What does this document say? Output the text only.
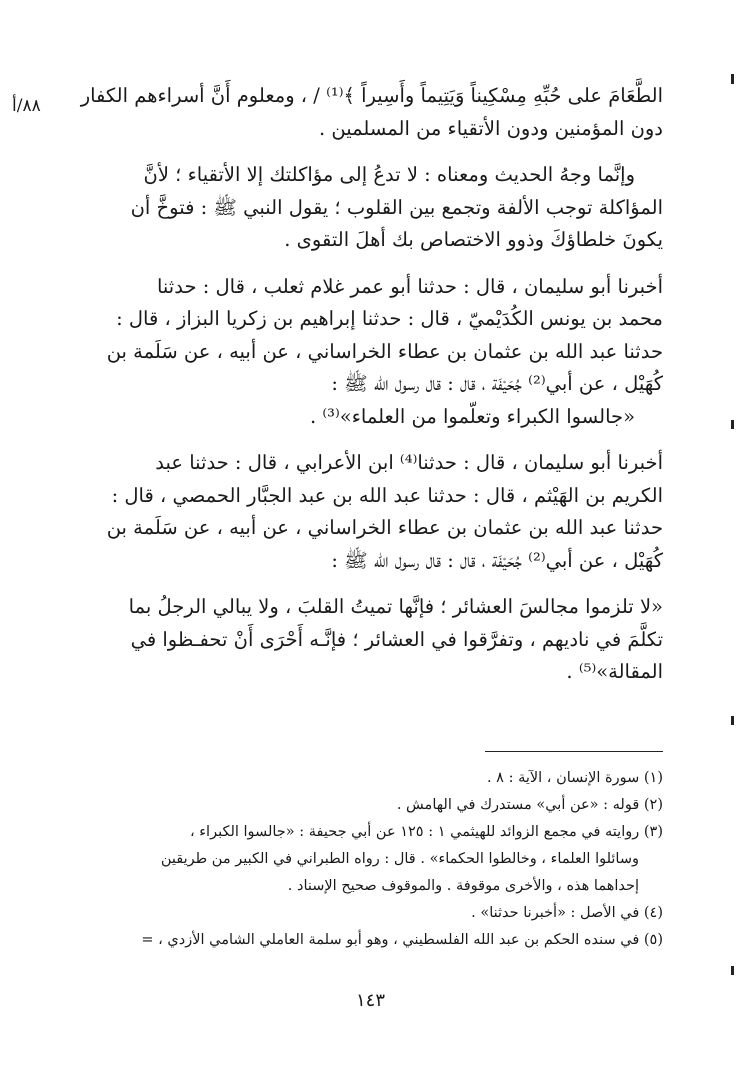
٨٨/أ الطَّعَامَ على حُبِّهِ مِسْكِيناً وَيَتِيماً وأَسِيراً ﴾⁽¹⁾ / ، ومعلوم أَنَّ أسراءهم الكفار
دون المؤمنين ودون الأتقياء من المسلمين .

وإنَّما وجهُ الحديث ومعناه : لا تدعُ إلى مؤاكلتك إلا الأتقياء ؛ لأنَّ
المؤاكلة توجب الألفة وتجمع بين القلوب ؛ يقول النبي ﷺ : فتوخَّ أن
يكونَ خلطاؤكَ وذوو الاختصاص بك أهلَ التقوى .

أخبرنا أبو سليمان ، قال : حدثنا أبو عمر غلام ثعلب ، قال : حدثنا
محمد بن يونس الكُدَيْميّ ، قال : حدثنا إبراهيم بن زكريا البزاز ، قال :
حدثنا عبد الله بن عثمان بن عطاء الخراساني ، عن أبيه ، عن سَلَمة بن
كُهَيْل ، عن أبي⁽²⁾ جُحَيْفَة ، قال : قال رسول الله ﷺ :
«جالسوا الكبراء وتعلّموا من العلماء»⁽³⁾ .

أخبرنا أبو سليمان ، قال : حدثنا⁽⁴⁾ ابن الأعرابي ، قال : حدثنا عبد
الكريم بن الهَيْثم ، قال : حدثنا عبد الله بن عبد الجبَّار الحمصي ، قال :
حدثنا عبد الله بن عثمان بن عطاء الخراساني ، عن أبيه ، عن سَلَمة بن
كُهَيْل ، عن أبي⁽²⁾ جُحَيْفَة ، قال : قال رسول الله ﷺ :

«لا تلزموا مجالسَ العشائر ؛ فإنَّها تميتُ القلبَ ، ولا يبالي الرجلُ بما
تكلَّمَ في ناديهم ، وتفرَّقوا في العشائر ؛ فإنَّـه أَحْرَى أَنْ تحفـظوا في
المقالة»⁽⁵⁾ .

(١) سورة الإنسان ، الآية : ٨ .

(٢) قوله : «عن أبي» مستدرك في الهامش .

(٣) روايته في مجمع الزوائد للهيثمي ١ : ١٢٥ عن أبي جحيفة : «جالسوا الكبراء ،

وسائلوا العلماء ، وخالطوا الحكماء» . قال : رواه الطبراني في الكبير من طريقين

إحداهما هذه ، والأخرى موقوفة . والموقوف صحيح الإسناد .

(٤) في الأصل : «أخبرنا حدثنا» .

(٥) في سنده الحكم بن عبد الله الفلسطيني ، وهو أبو سلمة العاملي الشامي الأزدي ، =

١٤٣
